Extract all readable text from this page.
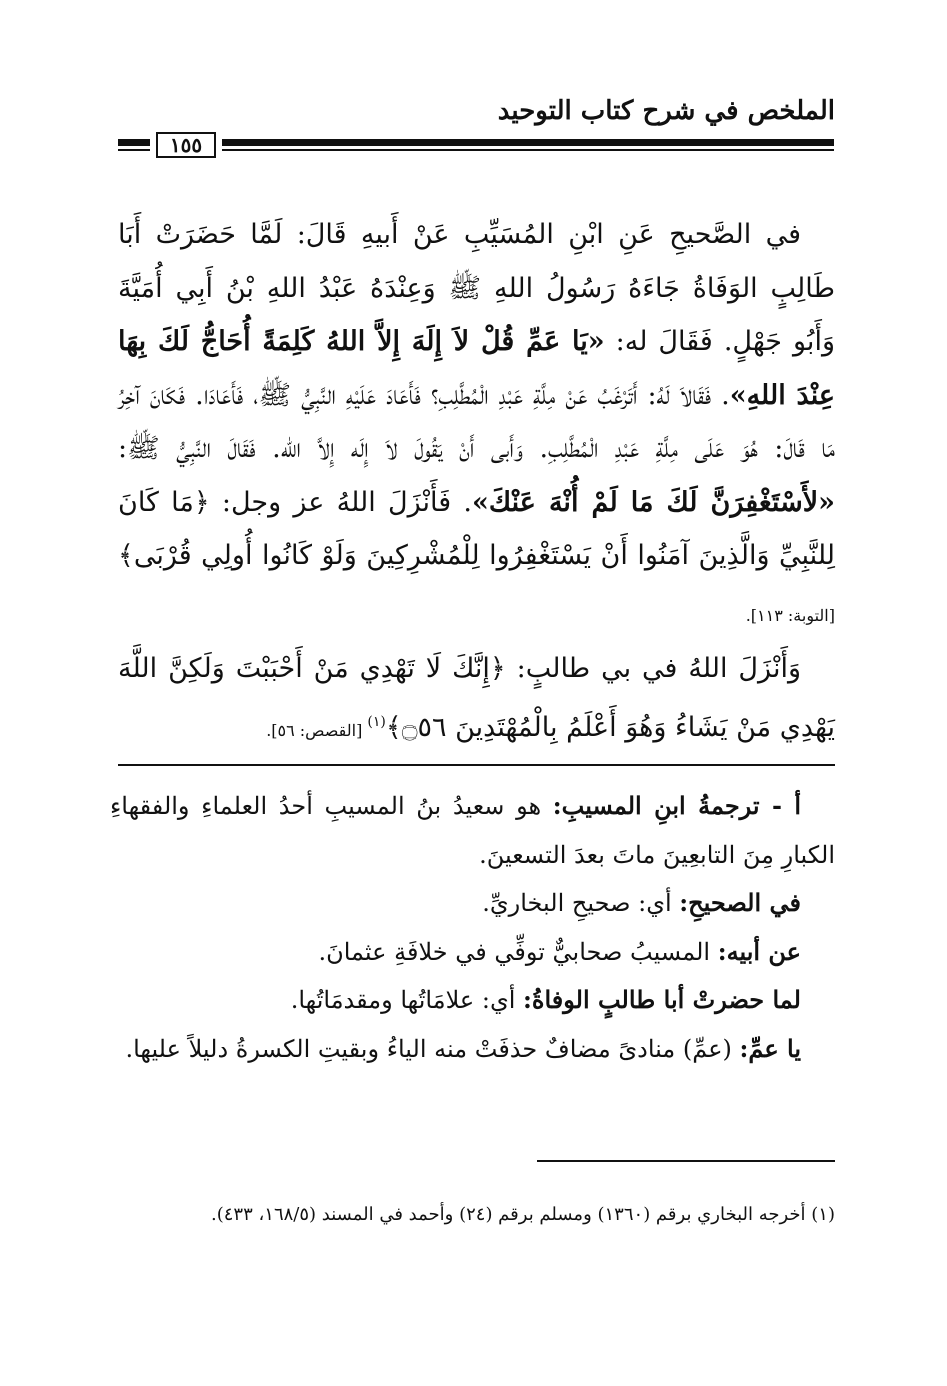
الملخص في شرح كتاب التوحيد
١٥٥

في الصَّحيحِ عَنِ ابْنِ المُسَيِّبِ عَنْ أَبيهِ قَالَ: لَمَّا حَضَرَتْ أَبَا طَالِبٍ الوَفَاةُ جَاءَهُ رَسُولُ اللهِ ﷺ وَعِنْدَهُ عَبْدُ اللهِ بْنُ أَبِي أُمَيَّةَ وَأَبُو جَهْلٍ. فَقَالَ له: «يَا عَمِّ قُلْ لاَ إِلَهَ إِلاَّ اللهُ كَلِمَةً أُحَاجُّ لَكَ بِهَا عِنْدَ اللهِ». فَقَالاَ لَهُ: أَتَرْغَبُ عَنْ مِلَّةِ عَبْدِ الْمُطَّلِبِ؟ فَأَعَادَ عَلَيْهِ النَّبِيُّ ﷺ، فَأَعَادَا. فَكَانَ آخِرُ مَا قَالَ: هُوَ عَلَى مِلَّةِ عَبْدِ الْمُطَّلِبِ. وَأَبى أَنْ يَقُولَ لاَ إِلَه إِلاَّ الله. فَقَالَ النَّبِيُّ ﷺ: «لأَسْتَغْفِرَنَّ لَكَ مَا لَمْ أُنْهَ عَنْكَ». فَأَنْزَلَ اللهُ عز وجل: ﴿مَا كَانَ لِلنَّبِيِّ وَالَّذِينَ آمَنُوا أَنْ يَسْتَغْفِرُوا لِلْمُشْرِكِينَ وَلَوْ كَانُوا أُولِي قُرْبَى﴾ [التوبة: ١١٣].

وَأَنْزَلَ اللهُ في بي طالبٍ: ﴿إِنَّكَ لَا تَهْدِي مَنْ أَحْبَبْتَ وَلَكِنَّ اللَّهَ يَهْدِي مَنْ يَشَاءُ وَهُوَ أَعْلَمُ بِالْمُهْتَدِينَ ۝٥٦﴾$^{(١)}$ [القصص: ٥٦].

أ - ترجمةُ ابنِ المسيبِ: هو سعيدُ بنُ المسيبِ أحدُ العلماءِ والفقهاءِ الكبارِ مِنَ التابعِينَ ماتَ بعدَ التسعينَ.

في الصحيحِ: أي: صحيحِ البخاريِّ.

عن أبيه: المسيبُ صحابيٌّ توفِّي في خلافَةِ عثمانَ.

لما حضرتْ أبا طالبٍ الوفاةُ: أي: علامَاتُها ومقدمَاتُها.

يا عمِّ: (عمِّ) منادىً مضافٌ حذفَتْ منه الياءُ وبقيتِ الكسرةُ دليلاً عليها.

(١) أخرجه البخاري برقم (١٣٦٠) ومسلم برقم (٢٤) وأحمد في المسند (١٦٨/٥، ٤٣٣).
